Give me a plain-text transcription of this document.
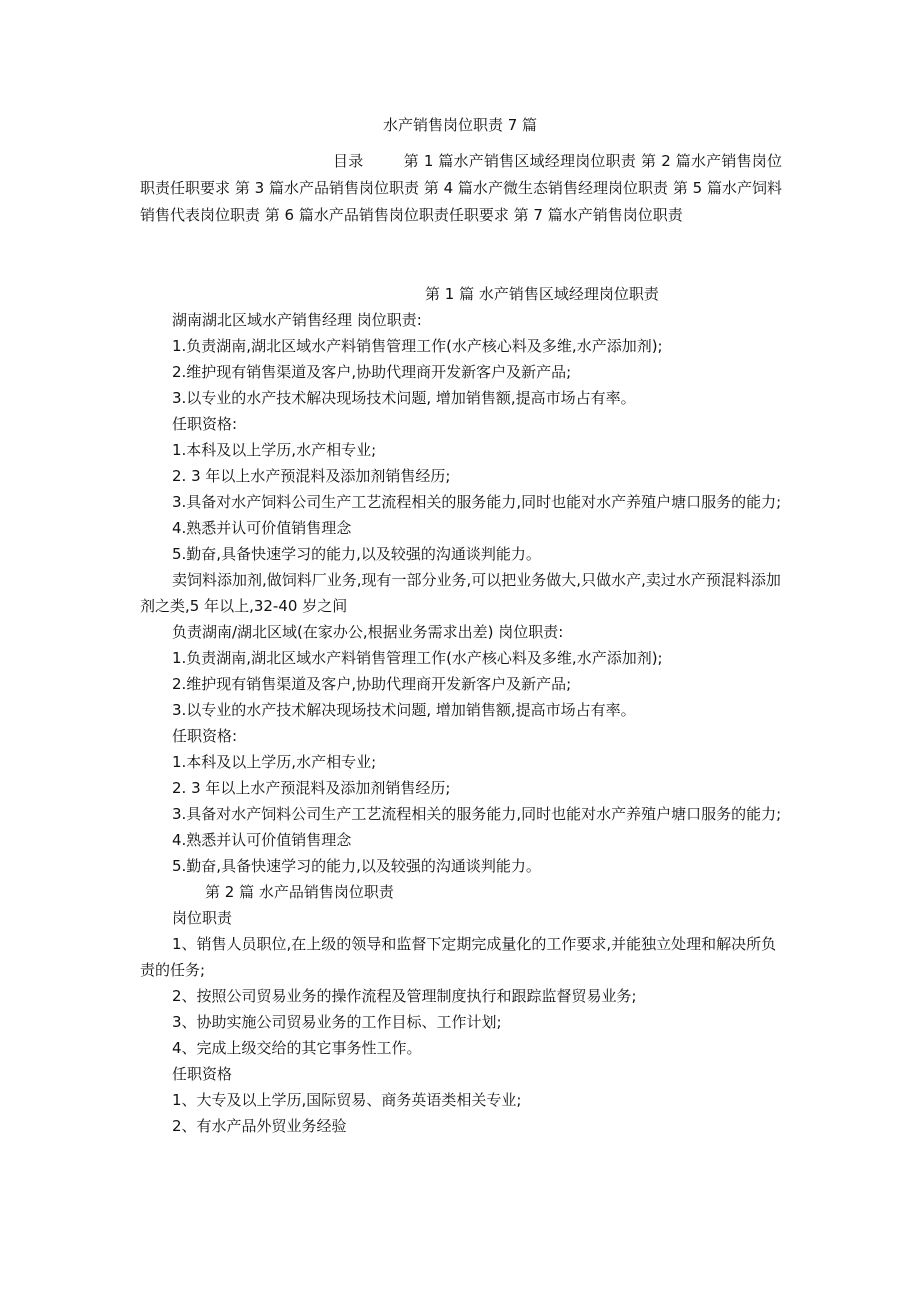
水产销售岗位职责 7 篇
目录	第 1 篇水产销售区域经理岗位职责 第 2 篇水产销售岗位职责任职要求 第 3 篇水产品销售岗位职责 第 4 篇水产微生态销售经理岗位职责 第 5 篇水产饲料销售代表岗位职责 第 6 篇水产品销售岗位职责任职要求 第 7 篇水产销售岗位职责

第 1 篇 水产销售区域经理岗位职责

湖南湖北区域水产销售经理 岗位职责:

1.负责湖南,湖北区域水产料销售管理工作(水产核心料及多维,水产添加剂);

2.维护现有销售渠道及客户,协助代理商开发新客户及新产品;

3.以专业的水产技术解决现场技术问题, 增加销售额,提高市场占有率。

任职资格:

1.本科及以上学历,水产相专业;

2. 3 年以上水产预混料及添加剂销售经历;

3.具备对水产饲料公司生产工艺流程相关的服务能力,同时也能对水产养殖户塘口服务的能力;

4.熟悉并认可价值销售理念

5.勤奋,具备快速学习的能力,以及较强的沟通谈判能力。

卖饲料添加剂,做饲料厂业务,现有一部分业务,可以把业务做大,只做水产,卖过水产预混料添加剂之类,5 年以上,32-40 岁之间

负责湖南/湖北区域(在家办公,根据业务需求出差) 岗位职责:

1.负责湖南,湖北区域水产料销售管理工作(水产核心料及多维,水产添加剂);

2.维护现有销售渠道及客户,协助代理商开发新客户及新产品;

3.以专业的水产技术解决现场技术问题, 增加销售额,提高市场占有率。

任职资格:

1.本科及以上学历,水产相专业;

2. 3 年以上水产预混料及添加剂销售经历;

3.具备对水产饲料公司生产工艺流程相关的服务能力,同时也能对水产养殖户塘口服务的能力;

4.熟悉并认可价值销售理念

5.勤奋,具备快速学习的能力,以及较强的沟通谈判能力。

第 2 篇 水产品销售岗位职责

岗位职责

1、销售人员职位,在上级的领导和监督下定期完成量化的工作要求,并能独立处理和解决所负责的任务;

2、按照公司贸易业务的操作流程及管理制度执行和跟踪监督贸易业务;

3、协助实施公司贸易业务的工作目标、工作计划;

4、完成上级交给的其它事务性工作。

任职资格

1、大专及以上学历,国际贸易、商务英语类相关专业;

2、有水产品外贸业务经验
